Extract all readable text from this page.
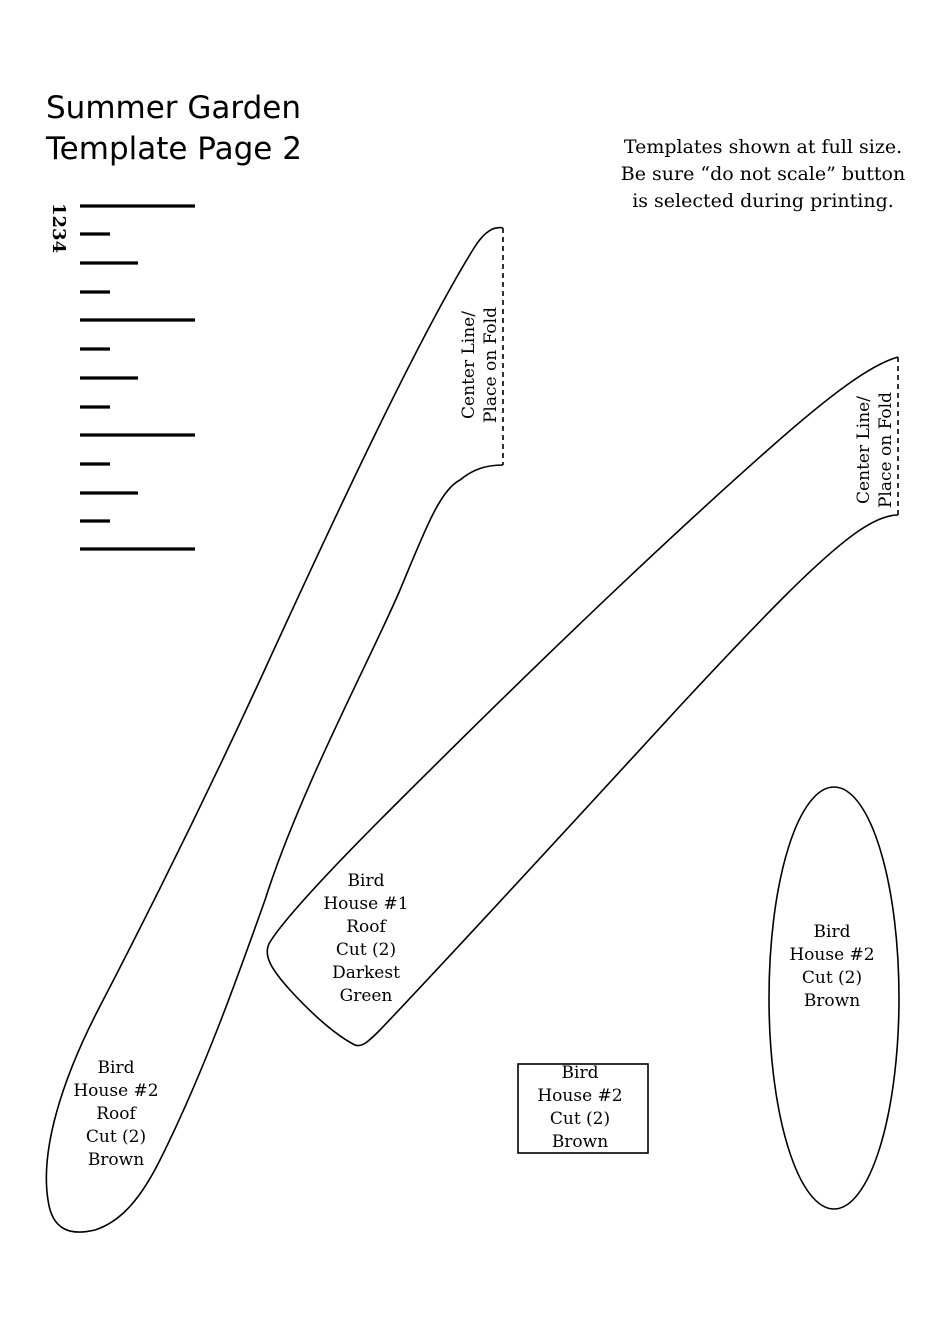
Summer Garden
Template Page 2	Templates shown at full size.
Be sure “do not scale” button
is selected during printing.
1234
Center Line/ Place on Fold
Center Line/ Place on Fold
Bird
House #2
Roof
Cut (2)
Brown
Bird
House #1
Roof
Cut (2)
Darkest
Green
Bird
House #2
Cut (2)
Brown
Bird
House #2
Cut (2)
Brown
